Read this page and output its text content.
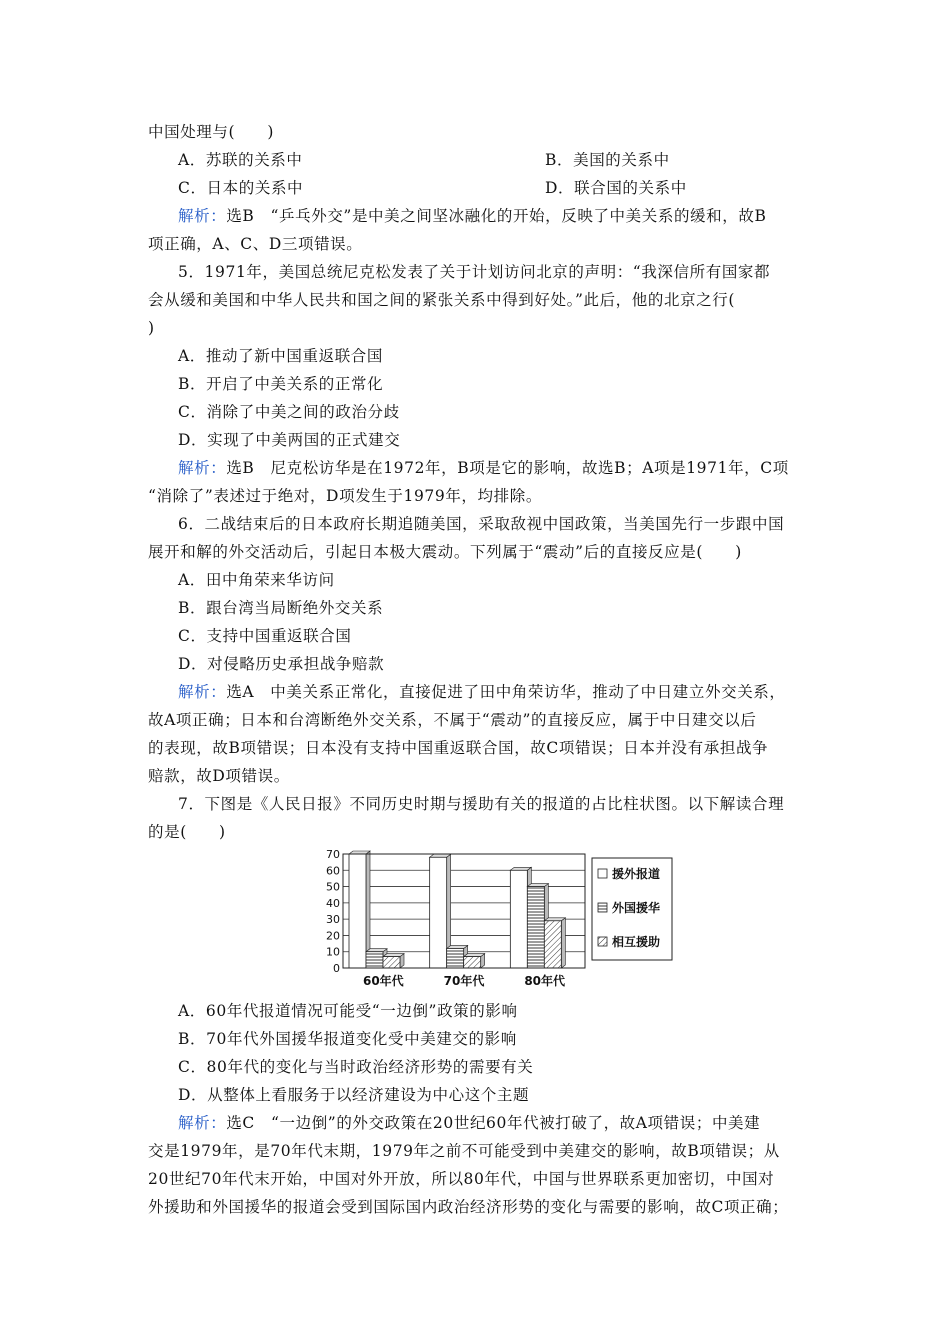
中国处理与(　　)
A．苏联的关系中	B．美国的关系中
C．日本的关系中	D．联合国的关系中
解析：选B　“乒乓外交”是中美之间坚冰融化的开始，反映了中美关系的缓和，故B
项正确，A、C、D三项错误。
5．1971年，美国总统尼克松发表了关于计划访问北京的声明：“我深信所有国家都
会从缓和美国和中华人民共和国之间的紧张关系中得到好处。”此后，他的北京之行(
)
A．推动了新中国重返联合国
B．开启了中美关系的正常化
C．消除了中美之间的政治分歧
D．实现了中美两国的正式建交
解析：选B　尼克松访华是在1972年，B项是它的影响，故选B；A项是1971年，C项
“消除了”表述过于绝对，D项发生于1979年，均排除。
6．二战结束后的日本政府长期追随美国，采取敌视中国政策，当美国先行一步跟中国
展开和解的外交活动后，引起日本极大震动。下列属于“震动”后的直接反应是(　　)
A．田中角荣来华访问
B．跟台湾当局断绝外交关系
C．支持中国重返联合国
D．对侵略历史承担战争赔款
解析：选A　中美关系正常化，直接促进了田中角荣访华，推动了中日建立外交关系，
故A项正确；日本和台湾断绝外交关系，不属于“震动”的直接反应，属于中日建交以后
的表现，故B项错误；日本没有支持中国重返联合国，故C项错误；日本并没有承担战争
赔款，故D项错误。
7．下图是《人民日报》不同历史时期与援助有关的报道的占比柱状图。以下解读合理
的是(　　)
0
10
20
30
40
50
60
70
60年代	70年代	80年代
援外报道
外国援华
相互援助
A．60年代报道情况可能受“一边倒”政策的影响
B．70年代外国援华报道变化受中美建交的影响
C．80年代的变化与当时政治经济形势的需要有关
D．从整体上看服务于以经济建设为中心这个主题
解析：选C　“一边倒”的外交政策在20世纪60年代被打破了，故A项错误；中美建
交是1979年，是70年代末期，1979年之前不可能受到中美建交的影响，故B项错误；从
20世纪70年代末开始，中国对外开放，所以80年代，中国与世界联系更加密切，中国对
外援助和外国援华的报道会受到国际国内政治经济形势的变化与需要的影响，故C项正确；
